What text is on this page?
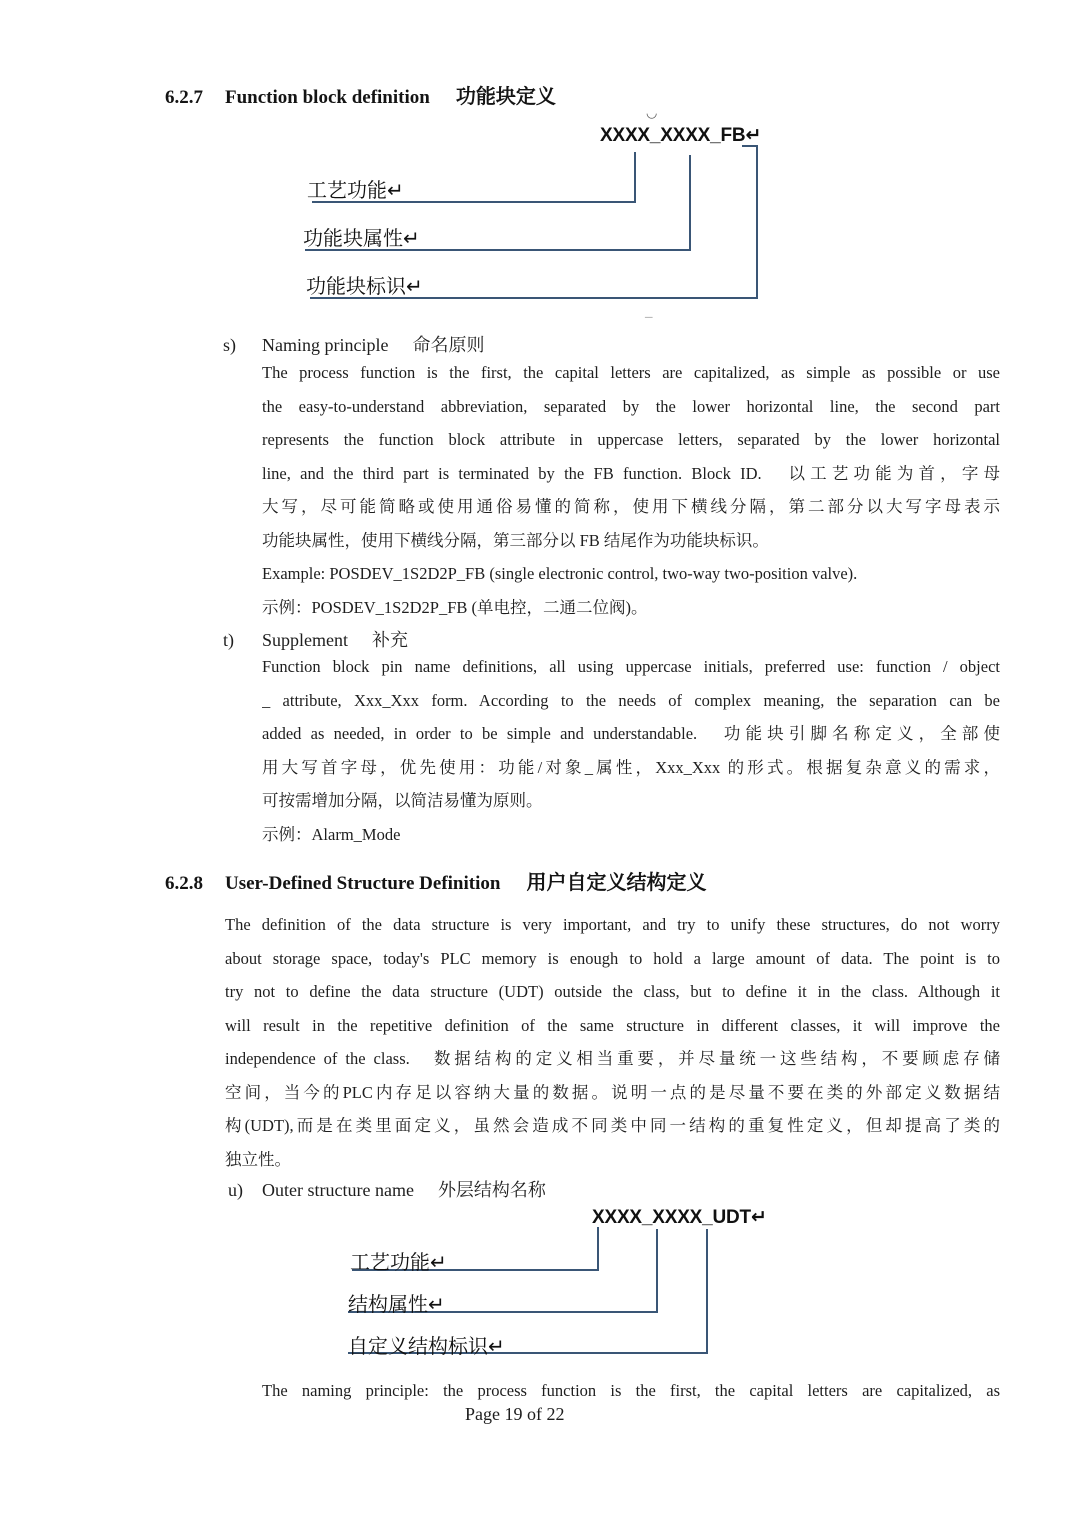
6.2.7 Function block definition 功能块定义
◡
XXXX_XXXX_FB↵
工艺功能↵
功能块属性↵
功能块标识↵
–
s) Naming principle 命名原则
The process function is the first, the capital letters are capitalized, as simple as possible or use
the easy-to-understand abbreviation, separated by the lower horizontal line, the second part
represents the function block attribute in uppercase letters, separated by the lower horizontal
line, and the third part is terminated by the FB function. Block ID.　以工艺功能为首，字母
大写，尽可能简略或使用通俗易懂的简称，使用下横线分隔，第二部分以大写字母表示
功能块属性，使用下横线分隔，第三部分以 FB 结尾作为功能块标识。
Example: POSDEV_1S2D2P_FB (single electronic control, two-way two-position valve).
示例：POSDEV_1S2D2P_FB (单电控，二通二位阀)。
t) Supplement 补充
Function block pin name definitions, all using uppercase initials, preferred use: function / object
_ attribute, Xxx_Xxx form. According to the needs of complex meaning, the separation can be
added as needed, in order to be simple and understandable.　功能块引脚名称定义，全部使
用大写首字母，优先使用：功能/对象_属性，Xxx_Xxx 的形式。根据复杂意义的需求，
可按需增加分隔，以简洁易懂为原则。
示例：Alarm_Mode
6.2.8 User-Defined Structure Definition 用户自定义结构定义
The definition of the data structure is very important, and try to unify these structures, do not worry
about storage space, today's PLC memory is enough to hold a large amount of data. The point is to
try not to define the data structure (UDT) outside the class, but to define it in the class. Although it
will result in the repetitive definition of the same structure in different classes, it will improve the
independence of the class.　数据结构的定义相当重要，并尽量统一这些结构，不要顾虑存储
空间，当今的PLC内存足以容纳大量的数据。说明一点的是尽量不要在类的外部定义数据结
构(UDT),而是在类里面定义，虽然会造成不同类中同一结构的重复性定义，但却提高了类的
独立性。
u) Outer structure name 外层结构名称
XXXX_XXXX_UDT↵
工艺功能↵
结构属性↵
自定义结构标识↵
The naming principle: the process function is the first, the capital letters are capitalized, as
Page 19 of 22
